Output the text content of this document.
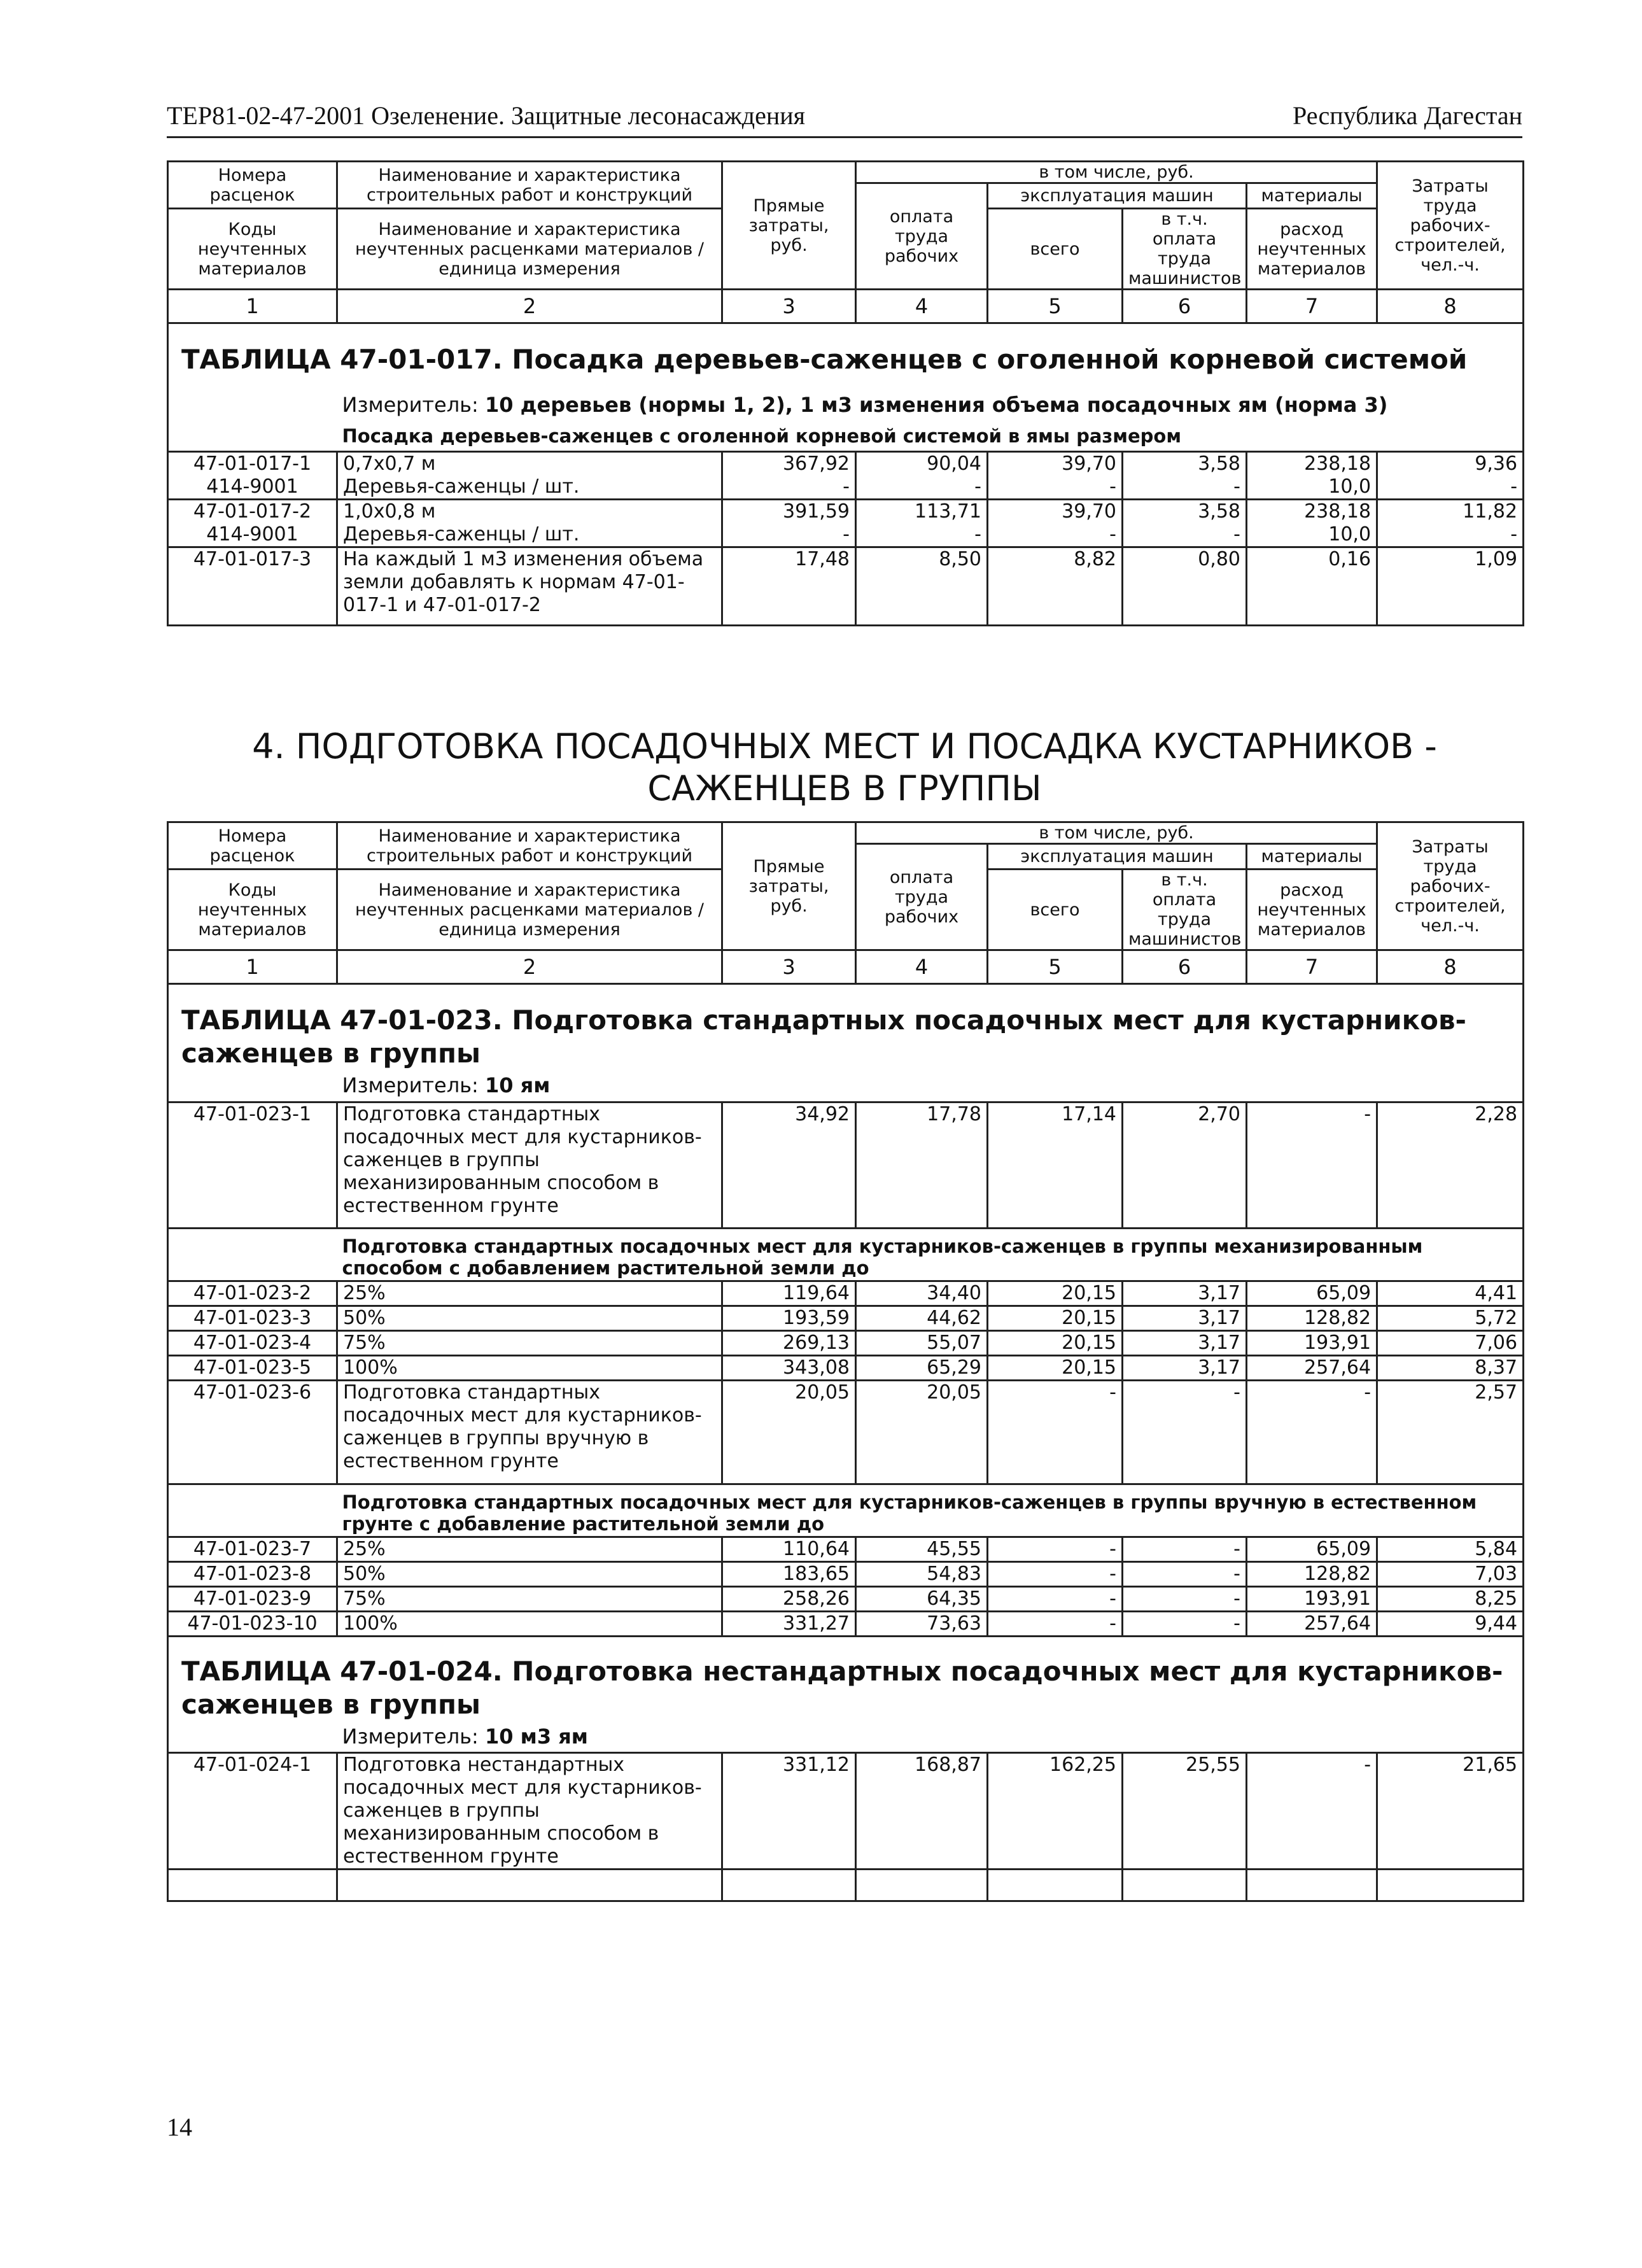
ТЕР81-02-47-2001 Озеленение. Защитные лесонасаждения	Республика Дагестан
Номера расценок	Наименование и характеристика строительных работ и конструкций	Прямые затраты, руб.	в том числе, руб.				Затраты труда рабочих-строителей, чел.-ч.
			оплата труда рабочих	эксплуатация машин		материалы	
Коды неучтенных материалов	Наименование и характеристика неучтенных расценками материалов / единица измерения			всего	в т.ч. оплата труда машинистов	расход неучтенных материалов	

1	2	3	4	5	6	7	8
ТАБЛИЦА 47-01-017. Посадка деревьев-саженцев с оголенной корневой системой							
	Измеритель: 10 деревьев (нормы 1, 2), 1 м3 изменения объема посадочных ям (норма 3)						
	Посадка деревьев-саженцев с оголенной корневой системой в ямы размером						
47-01-017-1	0,7x0,7 м	367,92	90,04	39,70	3,58	238,18	9,36
414-9001	Деревья-саженцы / шт.	-	-	-	-	10,0	-
47-01-017-2	1,0x0,8 м	391,59	113,71	39,70	3,58	238,18	11,82
414-9001	Деревья-саженцы / шт.	-	-	-	-	10,0	-
47-01-017-3	На каждый 1 м3 изменения объема земли добавлять к нормам 47-01-017-1 и 47-01-017-2	17,48	8,50	8,82	0,80	0,16	1,09
4. ПОДГОТОВКА ПОСАДОЧНЫХ МЕСТ И ПОСАДКА КУСТАРНИКОВ - САЖЕНЦЕВ В ГРУППЫ
Номера расценок	Наименование и характеристика строительных работ и конструкций	Прямые затраты, руб.	в том числе, руб.				Затраты труда рабочих-строителей, чел.-ч.
			оплата труда рабочих	эксплуатация машин		материалы	
Коды неучтенных материалов	Наименование и характеристика неучтенных расценками материалов / единица измерения			всего	в т.ч. оплата труда машинистов	расход неучтенных материалов	

1	2	3	4	5	6	7	8
ТАБЛИЦА 47-01-023. Подготовка стандартных посадочных мест для кустарников-саженцев в группы							
	Измеритель: 10 ям						
47-01-023-1	Подготовка стандартных посадочных мест для кустарников-саженцев в группы механизированным способом в естественном грунте	34,92	17,78	17,14	2,70	-	2,28
	Подготовка стандартных посадочных мест для кустарников-саженцев в группы механизированным способом с добавлением растительной земли до						
47-01-023-2	25%	119,64	34,40	20,15	3,17	65,09	4,41
47-01-023-3	50%	193,59	44,62	20,15	3,17	128,82	5,72
47-01-023-4	75%	269,13	55,07	20,15	3,17	193,91	7,06
47-01-023-5	100%	343,08	65,29	20,15	3,17	257,64	8,37
47-01-023-6	Подготовка стандартных посадочных мест для кустарников-саженцев в группы вручную в естественном грунте	20,05	20,05	-	-	-	2,57
	Подготовка стандартных посадочных мест для кустарников-саженцев в группы вручную в естественном грунте с добавление растительной земли до						
47-01-023-7	25%	110,64	45,55	-	-	65,09	5,84
47-01-023-8	50%	183,65	54,83	-	-	128,82	7,03
47-01-023-9	75%	258,26	64,35	-	-	193,91	8,25
47-01-023-10	100%	331,27	73,63	-	-	257,64	9,44
ТАБЛИЦА 47-01-024. Подготовка нестандартных посадочных мест для кустарников-саженцев в группы							
	Измеритель: 10 м3 ям						
47-01-024-1	Подготовка нестандартных посадочных мест для кустарников-саженцев в группы механизированным способом в естественном грунте	331,12	168,87	162,25	25,55	-	21,65

14
